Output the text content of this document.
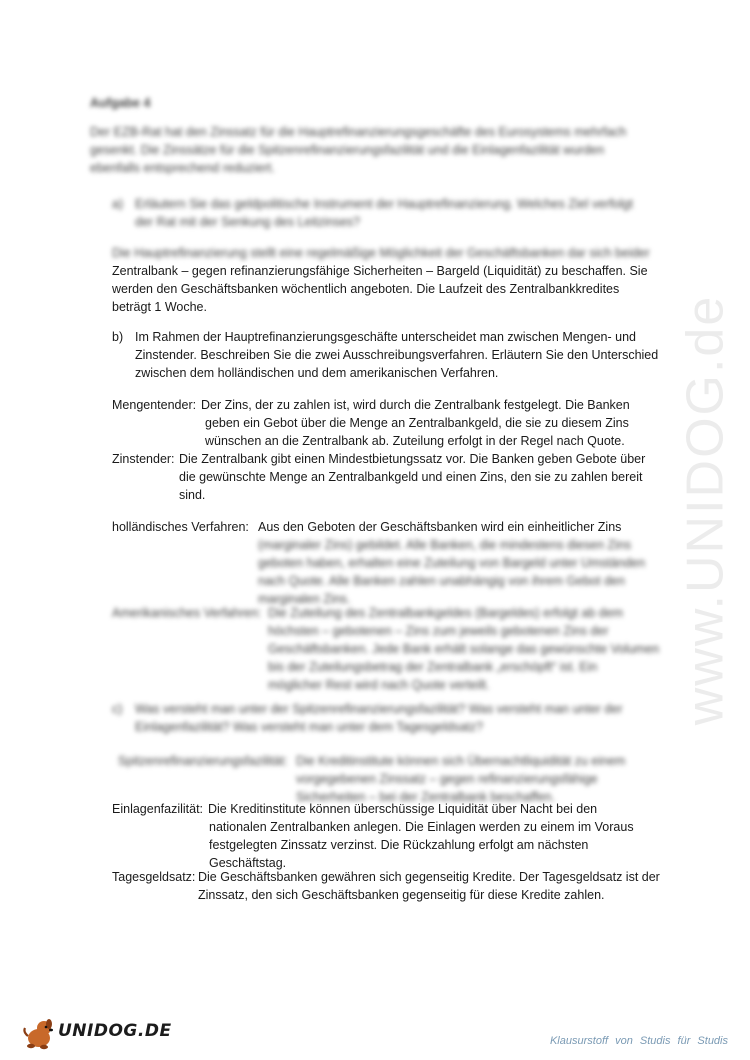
www.UNIDOG.de
Aufgabe 4
Der EZB-Rat hat den Zinssatz für die Hauptrefinanzierungsgeschäfte des Eurosystems mehrfach
gesenkt. Die Zinssätze für die Spitzenrefinanzierungsfazilität und die Einlagenfazilität wurden
ebenfalls entsprechend reduziert.
a) Erläutern Sie das geldpolitische Instrument der Hauptrefinanzierung. Welches Ziel verfolgt
der Rat mit der Senkung des Leitzinses?
Die Hauptrefinanzierung stellt eine regelmäßige Möglichkeit der Geschäftsbanken dar sich beider
Zentralbank – gegen refinanzierungsfähige Sicherheiten – Bargeld (Liquidität) zu beschaffen. Sie
werden den Geschäftsbanken wöchentlich angeboten. Die Laufzeit des Zentralbankkredites
beträgt 1 Woche.
b) Im Rahmen der Hauptrefinanzierungsgeschäfte unterscheidet man zwischen Mengen- und
Zinstender. Beschreiben Sie die zwei Ausschreibungsverfahren. Erläutern Sie den Unterschied
zwischen dem holländischen und dem amerikanischen Verfahren.
Mengentender: Der Zins, der zu zahlen ist, wird durch die Zentralbank festgelegt. Die Banken
geben ein Gebot über die Menge an Zentralbankgeld, die sie zu diesem Zins
wünschen an die Zentralbank ab. Zuteilung erfolgt in der Regel nach Quote.
Zinstender: Die Zentralbank gibt einen Mindestbietungssatz vor. Die Banken geben Gebote über
die gewünschte Menge an Zentralbankgeld und einen Zins, den sie zu zahlen bereit
sind.
holländisches Verfahren: Aus den Geboten der Geschäftsbanken wird ein einheitlicher Zins
(marginaler Zins) gebildet. Alle Banken, die mindestens diesen Zins
geboten haben, erhalten eine Zuteilung von Bargeld unter Umständen
nach Quote. Alle Banken zahlen unabhängig von ihrem Gebot den
marginalen Zins.
Amerikanisches Verfahren: Die Zuteilung des Zentralbankgeldes (Bargeldes) erfolgt ab dem
höchsten – gebotenen – Zins zum jeweils gebotenen Zins der
Geschäftsbanken. Jede Bank erhält solange das gewünschte Volumen
bis der Zuteilungsbetrag der Zentralbank „erschöpft“ ist. Ein
möglicher Rest wird nach Quote verteilt.
c) Was versteht man unter der Spitzenrefinanzierungsfazilität? Was versteht man unter der
Einlagenfazilität? Was versteht man unter dem Tagesgeldsatz?
Spitzenrefinanzierungsfazilität: Die Kreditinstitute können sich Übernachtliquidität zu einem
vorgegebenen Zinssatz – gegen refinanzierungsfähige
Sicherheiten – bei der Zentralbank beschaffen.
Einlagenfazilität: Die Kreditinstitute können überschüssige Liquidität über Nacht bei den
nationalen Zentralbanken anlegen. Die Einlagen werden zu einem im Voraus
festgelegten Zinssatz verzinst. Die Rückzahlung erfolgt am nächsten
Geschäftstag.
Tagesgeldsatz: Die Geschäftsbanken gewähren sich gegenseitig Kredite. Der Tagesgeldsatz ist der
Zinssatz, den sich Geschäftsbanken gegenseitig für diese Kredite zahlen.
UNIDOG.DE	Klausurstoff von Studis für Studis
